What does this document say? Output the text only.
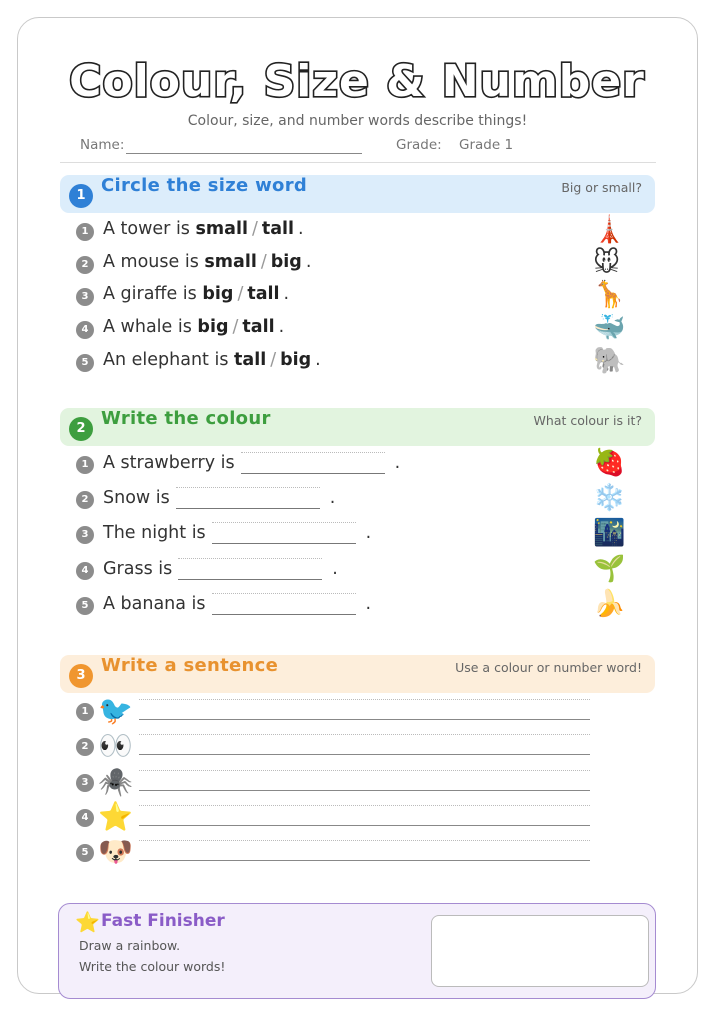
Colour, Size & Number
Colour, size, and number words describe things!
Name:	Grade: Grade 1
1 Circle the size word	Big or small?
1 A tower is small / tall .	🗼
2 A mouse is small / big .	🐭
3 A giraffe is big / tall .	🦒
4 A whale is big / tall .	🐳
5 An elephant is tall / big .	🐘
2 Write the colour	What colour is it?
1 A strawberry is	.	🍓
2 Snow is	.	❄️
3 The night is	.	🌃
4 Grass is	.	🌱
5 A banana is	.	🍌
3 Write a sentence	Use a colour or number word!
1 🐦
2 👀
3 🕷️
4 ⭐
5 🐶
⭐ Fast Finisher
Draw a rainbow.
Write the colour words!
